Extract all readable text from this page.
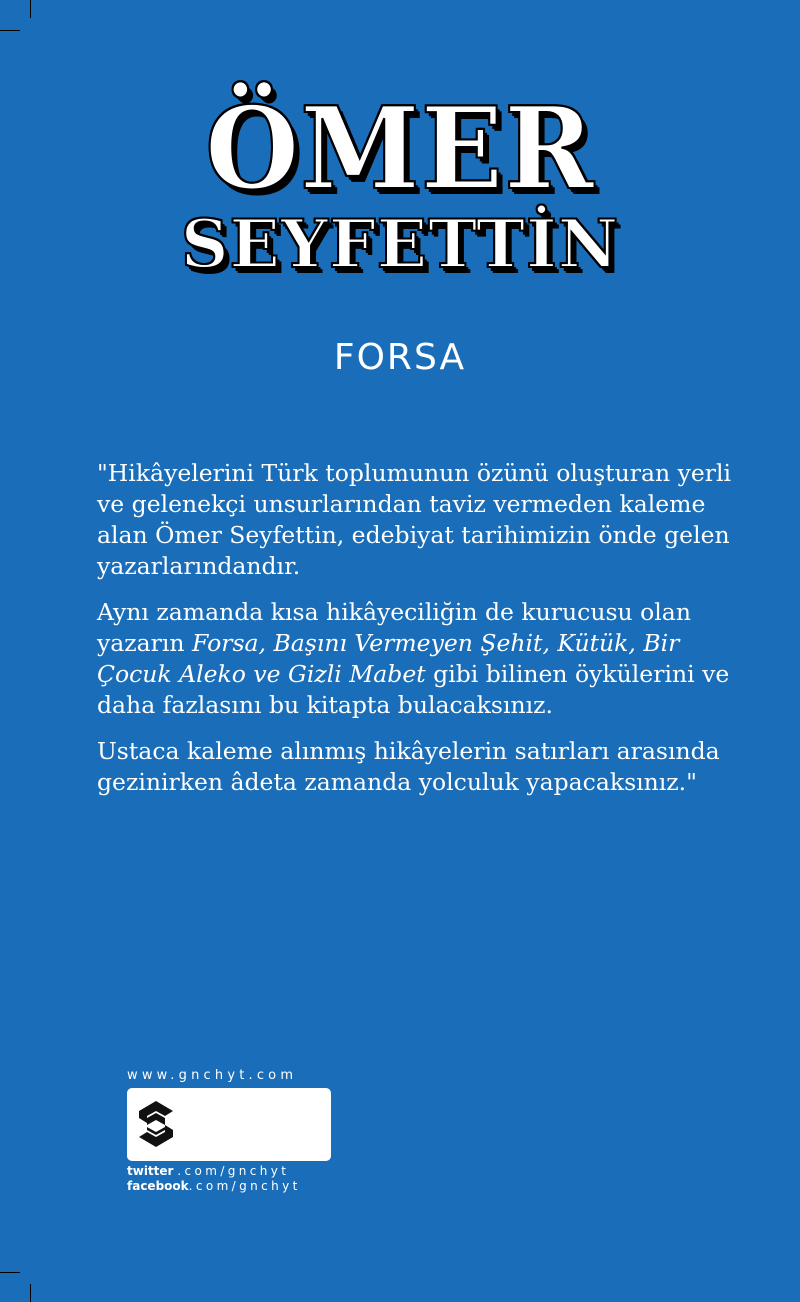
ÖMER
SEYFETTİN
FORSA

"Hikâyelerini Türk toplumunun özünü oluşturan yerli ve gelenekçi unsurlarından taviz vermeden kaleme alan Ömer Seyfettin, edebiyat tarihimizin önde gelen yazarlarındandır.

Aynı zamanda kısa hikâyeciliğin de kurucusu olan yazarın Forsa, Başını Vermeyen Şehit, Kütük, Bir Çocuk Aleko ve Gizli Mabet gibi bilinen öykülerini ve daha fazlasını bu kitapta bulacaksınız.

Ustaca kaleme alınmış hikâyelerin satırları arasında gezinirken âdeta zamanda yolculuk yapacaksınız."

www.gnchyt.com
twitter .com/gnchyt
facebook.com/gnchyt
